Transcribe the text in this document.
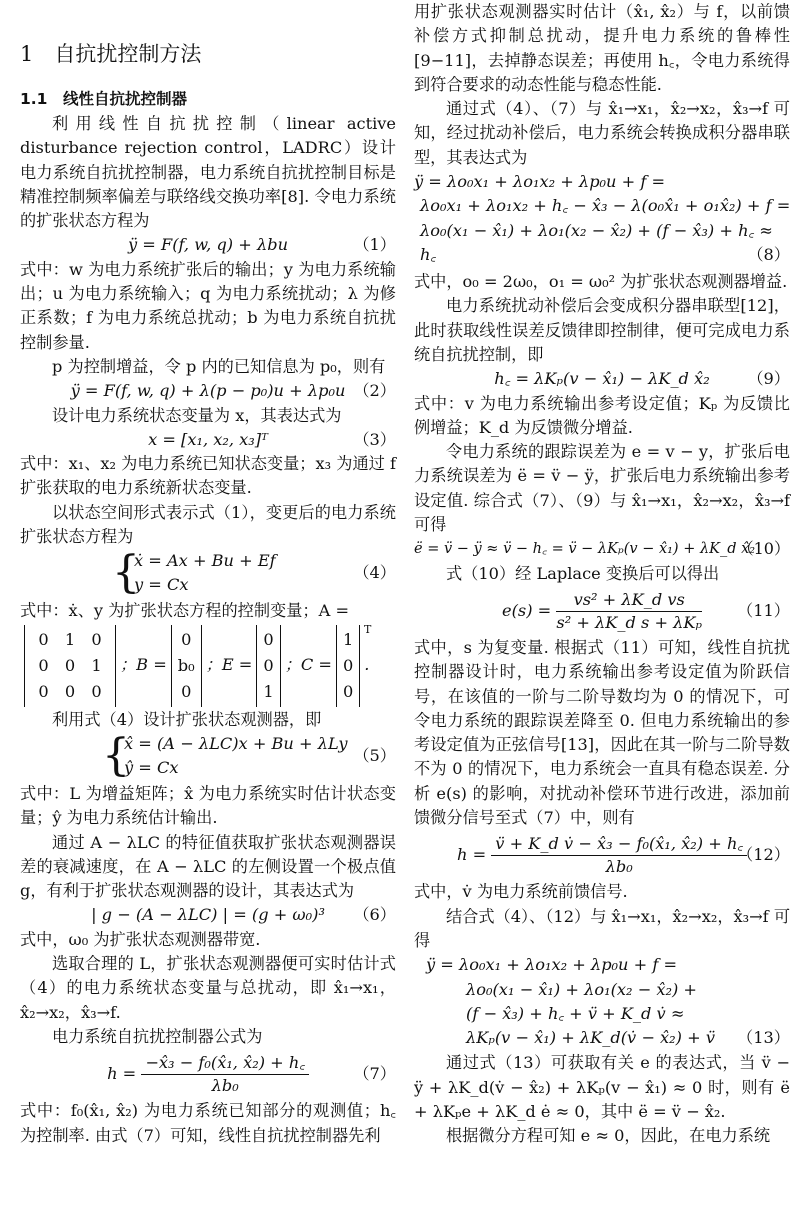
1　自抗扰控制方法
1.1　线性自抗扰控制器

利用线性自抗扰控制（linear active disturbance rejection control，LADRC）设计电力系统自抗扰控制器，电力系统自抗扰控制目标是精准控制频率偏差与联络线交换功率[8]. 令电力系统的扩张状态方程为

ÿ = F(f, w, q) + λbu	（1）

式中：w 为电力系统扩张后的输出；y 为电力系统输出；u 为电力系统输入；q 为电力系统扰动；λ 为修正系数；f 为电力系统总扰动；b 为电力系统自抗扰控制参量.

p 为控制增益，令 p 内的已知信息为 p₀，则有

ÿ = F(f, w, q) + λ(p − p₀)u + λp₀u （2）

设计电力系统状态变量为 x，其表达式为

x = [x₁, x₂, x₃]ᵀ	（3）

式中：x₁、x₂ 为电力系统已知状态变量；x₃ 为通过 f 扩张获取的电力系统新状态变量.

以状态空间形式表示式（1），变更后的电力系统扩张状态方程为

{
ẋ = Ax + Bu + Ef
y = Cx
（4）

式中：ẋ、y 为扩张状态方程的控制变量；A =

0　1　0
0　0　1
0　0　0
；B =
0
b₀
0
；E =
0
0
1
；C =
1
0
0
T
.

利用式（4）设计扩张状态观测器，即

{
x̂ = (A − λLC)x + Bu + λLy
ŷ = Cx
（5）

式中：L 为增益矩阵；x̂ 为电力系统实时估计状态变量；ŷ 为电力系统估计输出.

通过 A − λLC 的特征值获取扩张状态观测器误差的衰减速度，在 A − λLC 的左侧设置一个极点值 g，有利于扩张状态观测器的设计，其表达式为

| g − (A − λLC) | = (g + ω₀)³ （6）

式中，ω₀ 为扩张状态观测器带宽.

选取合理的 L，扩张状态观测器便可实时估计式（4）的电力系统状态变量与总扰动，即 x̂₁→x₁，x̂₂→x₂，x̂₃→f.

电力系统自抗扰控制器公式为

$h = \frac{\text{−x̂₃ − f₀(x̂₁, x̂₂) + h꜀}}{\text{λb₀}}$	（7）

式中：f₀(x̂₁, x̂₂) 为电力系统已知部分的观测值；h꜀ 为控制率. 由式（7）可知，线性自抗扰控制器先利

用扩张状态观测器实时估计（x̂₁, x̂₂）与 f，以前馈补偿方式抑制总扰动，提升电力系统的鲁棒性[9−11]，去掉静态误差；再使用 h꜀，令电力系统得到符合要求的动态性能与稳态性能.

通过式（4）、（7）与 x̂₁→x₁，x̂₂→x₂，x̂₃→f 可知，经过扰动补偿后，电力系统会转换成积分器串联型，其表达式为

ÿ = λo₀x₁ + λo₁x₂ + λp₀u + f =
λo₀x₁ + λo₁x₂ + h꜀ − x̂₃ − λ(o₀x̂₁ + o₁x̂₂) + f =
λo₀(x₁ − x̂₁) + λo₁(x₂ − x̂₂) + (f − x̂₃) + h꜀ ≈
h꜀	（8）

式中，o₀ = 2ω₀，o₁ = ω₀² 为扩张状态观测器增益.

电力系统扰动补偿后会变成积分器串联型[12]，此时获取线性误差反馈律即控制律，便可完成电力系统自抗扰控制，即

h꜀ = λKₚ(v − x̂₁) − λK_d x̂₂ （9）

式中：v 为电力系统输出参考设定值；Kₚ 为反馈比例增益；K_d 为反馈微分增益.

令电力系统的跟踪误差为 e = v − y，扩张后电力系统误差为 ë = v̈ − ÿ，扩张后电力系统输出参考设定值. 综合式（7）、（9）与 x̂₁→x₁，x̂₂→x₂，x̂₃→f 可得

ë = v̈ − ÿ ≈ v̈ − h꜀ = v̈ − λKₚ(v − x̂₁) + λK_d x̂₂
（10）

式（10）经 Laplace 变换后可以得出

$e(s) = \frac{\text{vs² + λK\_d vs}}{\text{s² + λK\_d s + λKₚ}} (11)$

式中，s 为复变量. 根据式（11）可知，线性自抗扰控制器设计时，电力系统输出参考设定值为阶跃信号，在该值的一阶与二阶导数均为 0 的情况下，可令电力系统的跟踪误差降至 0. 但电力系统输出的参考设定值为正弦信号[13]，因此在其一阶与二阶导数不为 0 的情况下，电力系统会一直具有稳态误差. 分析 e(s) 的影响，对扰动补偿环节进行改进，添加前馈微分信号至式（7）中，则有

$h = \frac{\text{v̈ + K\_d v̇ − x̂₃ − f₀(x̂₁, x̂₂) + h꜀}}{\text{λb₀}}$
（12）

式中，v̇ 为电力系统前馈信号.

结合式（4）、（12）与 x̂₁→x₁，x̂₂→x₂，x̂₃→f 可得

ÿ = λo₀x₁ + λo₁x₂ + λp₀u + f =
λo₀(x₁ − x̂₁) + λo₁(x₂ − x̂₂) +
(f − x̂₃) + h꜀ + v̈ + K_d v̇ ≈
λKₚ(v − x̂₁) + λK_d(v̇ − x̂₂) + v̈	（13）

通过式（13）可获取有关 e 的表达式，当 v̈ − ÿ + λK_d(v̇ − x̂₂) + λKₚ(v − x̂₁) ≈ 0 时，则有 ë + λKₚe + λK_d ė ≈ 0，其中 ë = v̈ − x̂₂.

根据微分方程可知 e ≈ 0，因此，在电力系统
